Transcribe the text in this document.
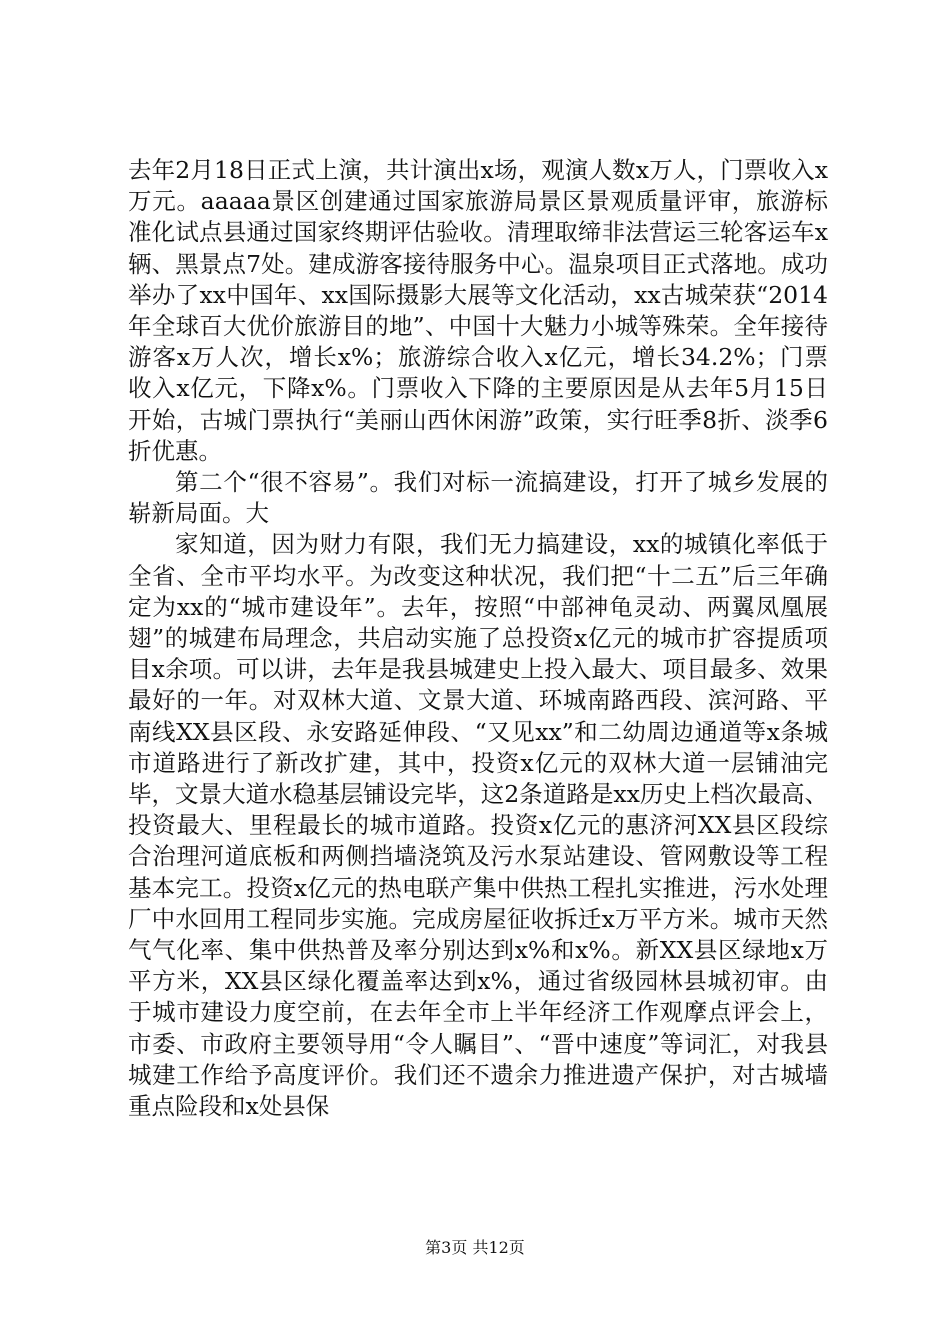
去年2月18日正式上演，共计演出x场，观演人数x万人，门票收入x万元。aaaaa景区创建通过国家旅游局景区景观质量评审，旅游标准化试点县通过国家终期评估验收。清理取缔非法营运三轮客运车x辆、黑景点7处。建成游客接待服务中心。温泉项目正式落地。成功举办了xx中国年、xx国际摄影大展等文化活动，xx古城荣获“2014年全球百大优价旅游目的地”、中国十大魅力小城等殊荣。全年接待游客x万人次，增长x%；旅游综合收入x亿元，增长34.2%；门票收入x亿元，下降x%。门票收入下降的主要原因是从去年5月15日开始，古城门票执行“美丽山西休闲游”政策，实行旺季8折、淡季6折优惠。

第二个“很不容易”。我们对标一流搞建设，打开了城乡发展的崭新局面。大

家知道，因为财力有限，我们无力搞建设，xx的城镇化率低于全省、全市平均水平。为改变这种状况，我们把“十二五”后三年确定为xx的“城市建设年”。去年，按照“中部神龟灵动、两翼凤凰展翅”的城建布局理念，共启动实施了总投资x亿元的城市扩容提质项目x余项。可以讲，去年是我县城建史上投入最大、项目最多、效果最好的一年。对双林大道、文景大道、环城南路西段、滨河路、平南线XX县区段、永安路延伸段、“又见xx”和二幼周边通道等x条城市道路进行了新改扩建，其中，投资x亿元的双林大道一层铺油完毕，文景大道水稳基层铺设完毕，这2条道路是xx历史上档次最高、投资最大、里程最长的城市道路。投资x亿元的惠济河XX县区段综合治理河道底板和两侧挡墙浇筑及污水泵站建设、管网敷设等工程基本完工。投资x亿元的热电联产集中供热工程扎实推进，污水处理厂中水回用工程同步实施。完成房屋征收拆迁x万平方米。城市天然气气化率、集中供热普及率分别达到x%和x%。新XX县区绿地x万平方米，XX县区绿化覆盖率达到x%，通过省级园林县城初审。由于城市建设力度空前，在去年全市上半年经济工作观摩点评会上，市委、市政府主要领导用“令人瞩目”、“晋中速度”等词汇，对我县城建工作给予高度评价。我们还不遗余力推进遗产保护，对古城墙重点险段和x处县保

第3页 共12页
